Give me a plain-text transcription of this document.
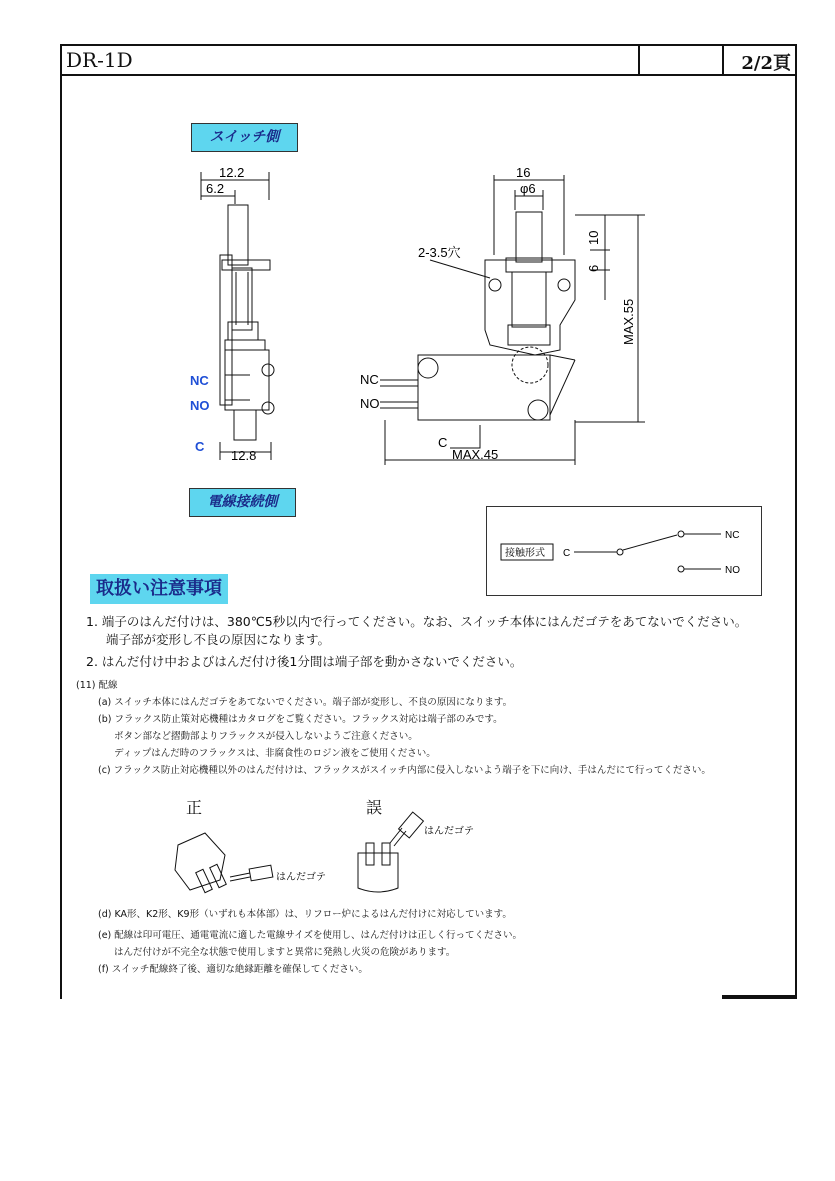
DR-1D	2/2頁
スイッチ側
電線接続側
12.2
6.2
12.8
NC
NO
C
16
φ6
2-3.5穴
10
6
MAX.55
MAX.45
NC
NO
C
接触形式 C
NC
NO
取扱い注意事項

1. 端子のはんだ付けは、380℃5秒以内で行ってください。なお、スイッチ本体にはんだゴテをあてないでください。

端子部が変形し不良の原因になります。

2. はんだ付け中およびはんだ付け後1分間は端子部を動かさないでください。

(11) 配線

(a) スイッチ本体にはんだゴテをあてないでください。端子部が変形し、不良の原因になります。

(b) フラックス防止策対応機種はカタログをご覧ください。フラックス対応は端子部のみです。

ボタン部など摺動部よりフラックスが侵入しないようご注意ください。

ディップはんだ時のフラックスは、非腐食性のロジン液をご使用ください。

(c) フラックス防止対応機種以外のはんだ付けは、フラックスがスイッチ内部に侵入しないよう端子を下に向け、手はんだにて行ってください。

正	誤
はんだゴテ
はんだゴテ

(d) KA形、K2形、K9形（いずれも本体部）は、リフロー炉によるはんだ付けに対応しています。

(e) 配線は印可電圧、通電電流に適した電線サイズを使用し、はんだ付けは正しく行ってください。

はんだ付けが不完全な状態で使用しますと異常に発熱し火災の危険があります。

(f) スイッチ配線終了後、適切な絶縁距離を確保してください。
